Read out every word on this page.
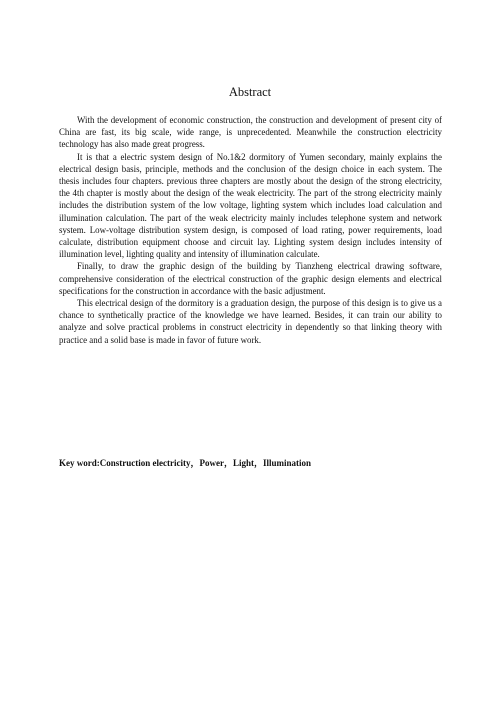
Abstract

With the development of economic construction, the construction and development of present city of China are fast, its big scale, wide range, is unprecedented. Meanwhile the construction electricity technology has also made great progress.

It is that a electric system design of No.1&2 dormitory of Yumen secondary, mainly explains the electrical design basis, principle, methods and the conclusion of the design choice in each system. The thesis includes four chapters. previous three chapters are mostly about the design of the strong electricity, the 4th chapter is mostly about the design of the weak electricity. The part of the strong electricity mainly includes the distribution system of the low voltage, lighting system which includes load calculation and illumination calculation. The part of the weak electricity mainly includes telephone system and network system. Low-voltage distribution system design, is composed of load rating, power requirements, load calculate, distribution equipment choose and circuit lay. Lighting system design includes intensity of illumination level, lighting quality and intensity of illumination calculate.

Finally, to draw the graphic design of the building by Tianzheng electrical drawing software, comprehensive consideration of the electrical construction of the graphic design elements and electrical specifications for the construction in accordance with the basic adjustment.

This electrical design of the dormitory is a graduation design, the purpose of this design is to give us a chance to synthetically practice of the knowledge we have learned. Besides, it can train our ability to analyze and solve practical problems in construct electricity in dependently so that linking theory with practice and a solid base is made in favor of future work.

Key word:Construction electricity，Power，Light，Illumination
